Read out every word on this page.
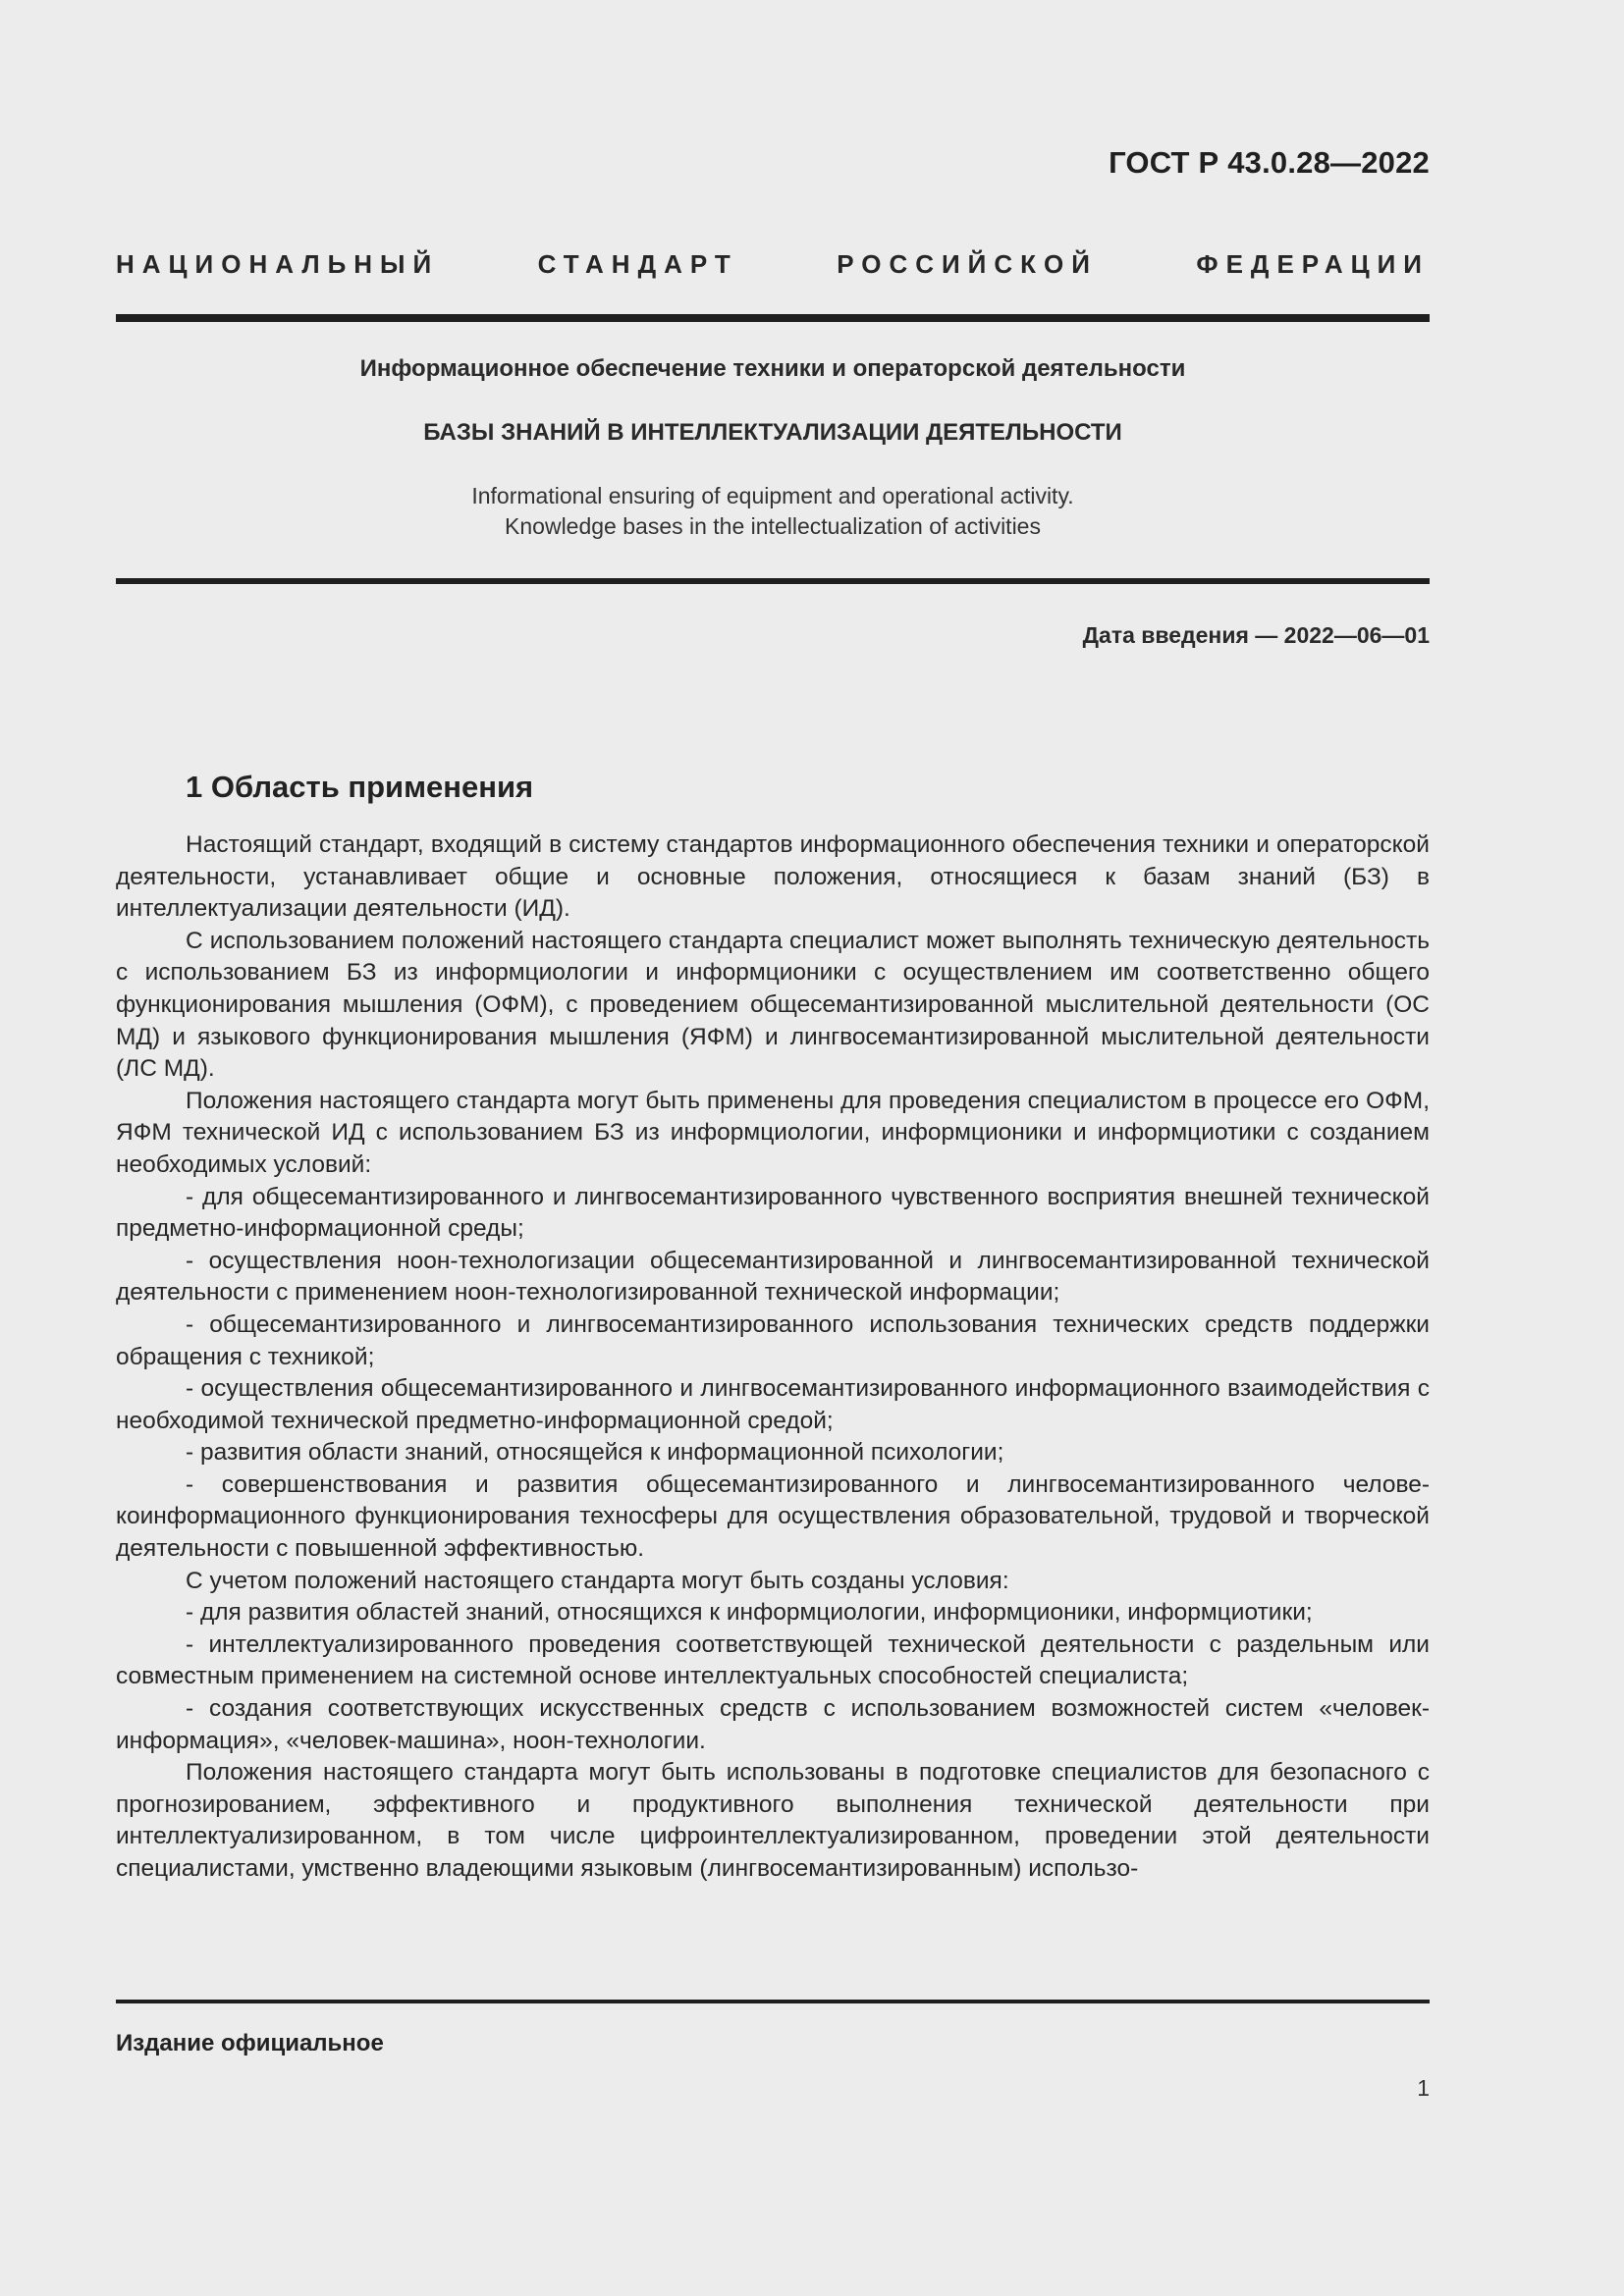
ГОСТ Р 43.0.28—2022
НАЦИОНАЛЬНЫЙ СТАНДАРТ РОССИЙСКОЙ ФЕДЕРАЦИИ
Информационное обеспечение техники и операторской деятельности
БАЗЫ ЗНАНИЙ В ИНТЕЛЛЕКТУАЛИЗАЦИИ ДЕЯТЕЛЬНОСТИ
Informational ensuring of equipment and operational activity.
Knowledge bases in the intellectualization of activities
Дата введения — 2022—06—01
1 Область применения

Настоящий стандарт, входящий в систему стандартов информационного обеспечения техники и операторской деятельности, устанавливает общие и основные положения, относящиеся к базам знаний (БЗ) в интеллектуализации деятельности (ИД).

С использованием положений настоящего стандарта специалист может выполнять техническую деятельность с использованием БЗ из информциологии и информционики с осуществлением им соответственно общего функционирования мышления (ОФМ), с проведением общесемантизированной мыслительной деятельности (ОС МД) и языкового функционирования мышления (ЯФМ) и лингвосемантизированной мыслительной деятельности (ЛС МД).

Положения настоящего стандарта могут быть применены для проведения специалистом в процессе его ОФМ, ЯФМ технической ИД с использованием БЗ из информциологии, информционики и информциотики с созданием необходимых условий:

- для общесемантизированного и лингвосемантизированного чувственного восприятия внешней технической предметно-информационной среды;

- осуществления ноон-технологизации общесемантизированной и лингвосемантизированной технической деятельности с применением ноон-технологизированной технической информации;

- общесемантизированного и лингвосемантизированного использования технических средств поддержки обращения с техникой;

- осуществления общесемантизированного и лингвосемантизированного информационного взаимодействия с необходимой технической предметно-информационной средой;

- развития области знаний, относящейся к информационной психологии;

- совершенствования и развития общесемантизированного и лингвосемантизированного человекоинформационного функционирования техносферы для осуществления образовательной, трудовой и творческой деятельности с повышенной эффективностью.

С учетом положений настоящего стандарта могут быть созданы условия:

- для развития областей знаний, относящихся к информциологии, информционики, информциотики;

- интеллектуализированного проведения соответствующей технической деятельности с раздельным или совместным применением на системной основе интеллектуальных способностей специалиста;

- создания соответствующих искусственных средств с использованием возможностей систем «человек-информация», «человек-машина», ноон-технологии.

Положения настоящего стандарта могут быть использованы в подготовке специалистов для безопасного с прогнозированием, эффективного и продуктивного выполнения технической деятельности при интеллектуализированном, в том числе цифроинтеллектуализированном, проведении этой деятельности специалистами, умственно владеющими языковым (лингвосемантизированным) использо-

Издание официальное
1
